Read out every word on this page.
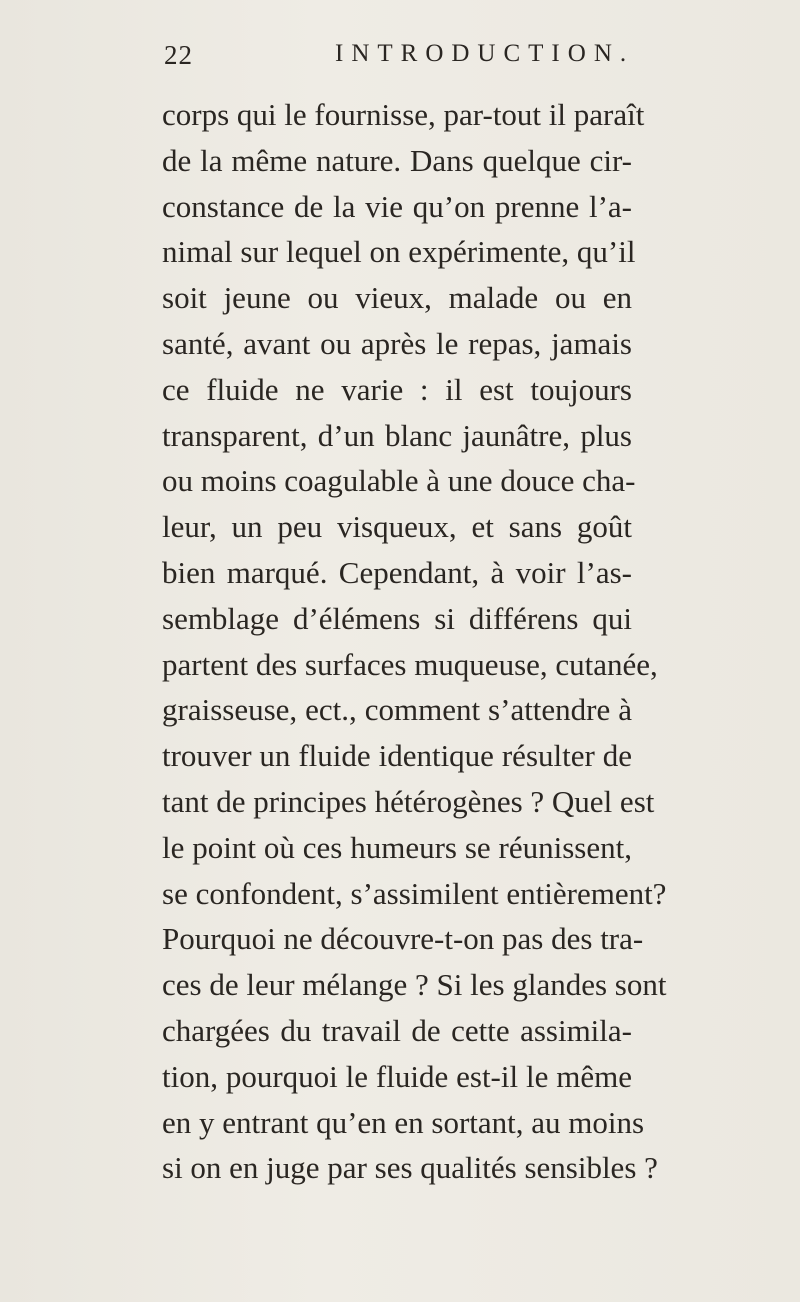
22	INTRODUCTION.
corps qui le fournisse, par-tout il paraît
de la même nature. Dans quelque cir-
constance de la vie qu’on prenne l’a-
nimal sur lequel on expérimente, qu’il
soit jeune ou vieux, malade ou en
santé, avant ou après le repas, jamais
ce fluide ne varie : il est toujours
transparent, d’un blanc jaunâtre, plus
ou moins coagulable à une douce cha-
leur, un peu visqueux, et sans goût
bien marqué. Cependant, à voir l’as-
semblage d’élémens si différens qui
partent des surfaces muqueuse, cutanée,
graisseuse, ect., comment s’attendre à
trouver un fluide identique résulter de
tant de principes hétérogènes ? Quel est
le point où ces humeurs se réunissent,
se confondent, s’assimilent entièrement?
Pourquoi ne découvre-t-on pas des tra-
ces de leur mélange ? Si les glandes sont
chargées du travail de cette assimila-
tion, pourquoi le fluide est-il le même
en y entrant qu’en en sortant, au moins
si on en juge par ses qualités sensibles ?
